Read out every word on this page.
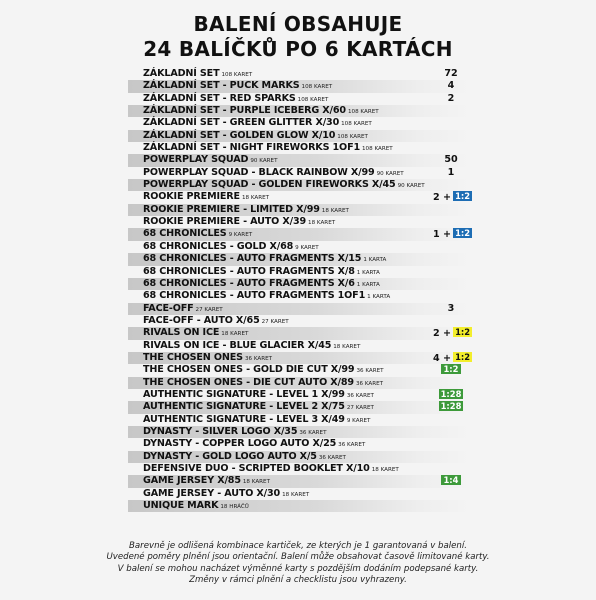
BALENÍ OBSAHUJE
24 BALÍČKŮ PO 6 KARTÁCH
ZÁKLADNÍ SET 108 KARET	72
ZÁKLADNÍ SET - PUCK MARKS 108 KARET	4
ZÁKLADNÍ SET - RED SPARKS 108 KARET	2
ZÁKLADNÍ SET - PURPLE ICEBERG X/60 108 KARET
ZÁKLADNÍ SET - GREEN GLITTER X/30 108 KARET
ZÁKLADNÍ SET - GOLDEN GLOW X/10 108 KARET
ZÁKLADNÍ SET - NIGHT FIREWORKS 1OF1 108 KARET
POWERPLAY SQUAD 90 KARET	50
POWERPLAY SQUAD - BLACK RAINBOW X/99 90 KARET	1
POWERPLAY SQUAD - GOLDEN FIREWORKS X/45 90 KARET
ROOKIE PREMIERE 18 KARET	2 + 1:2
ROOKIE PREMIERE - LIMITED X/99 18 KARET
ROOKIE PREMIERE - AUTO X/39 18 KARET
68 CHRONICLES 9 KARET	1 + 1:2
68 CHRONICLES - GOLD X/68 9 KARET
68 CHRONICLES - AUTO FRAGMENTS X/15 1 KARTA
68 CHRONICLES - AUTO FRAGMENTS X/8 1 KARTA
68 CHRONICLES - AUTO FRAGMENTS X/6 1 KARTA
68 CHRONICLES - AUTO FRAGMENTS 1OF1 1 KARTA
FACE-OFF 27 KARET	3
FACE-OFF - AUTO X/65 27 KARET
RIVALS ON ICE 18 KARET	2 + 1:2
RIVALS ON ICE - BLUE GLACIER X/45 18 KARET
THE CHOSEN ONES 36 KARET	4 + 1:2
THE CHOSEN ONES - GOLD DIE CUT X/99 36 KARET	1:2
THE CHOSEN ONES - DIE CUT AUTO X/89 36 KARET
AUTHENTIC SIGNATURE - LEVEL 1 X/99 36 KARET	1:28
AUTHENTIC SIGNATURE - LEVEL 2 X/75 27 KARET	1:28
AUTHENTIC SIGNATURE - LEVEL 3 X/49 9 KARET
DYNASTY - SILVER LOGO X/35 36 KARET
DYNASTY - COPPER LOGO AUTO X/25 36 KARET
DYNASTY - GOLD LOGO AUTO X/5 36 KARET
DEFENSIVE DUO - SCRIPTED BOOKLET X/10 18 KARET
GAME JERSEY X/85 18 KARET	1:4
GAME JERSEY - AUTO X/30 18 KARET
UNIQUE MARK 18 HRÁČŮ
Barevně je odlišená kombinace kartiček, ze kterých je 1 garantovaná v balení.
Uvedené poměry plnění jsou orientační. Balení může obsahovat časově limitované karty.
V balení se mohou nacházet výměnné karty s pozdějším dodáním podepsané karty.
Změny v rámci plnění a checklistu jsou vyhrazeny.
